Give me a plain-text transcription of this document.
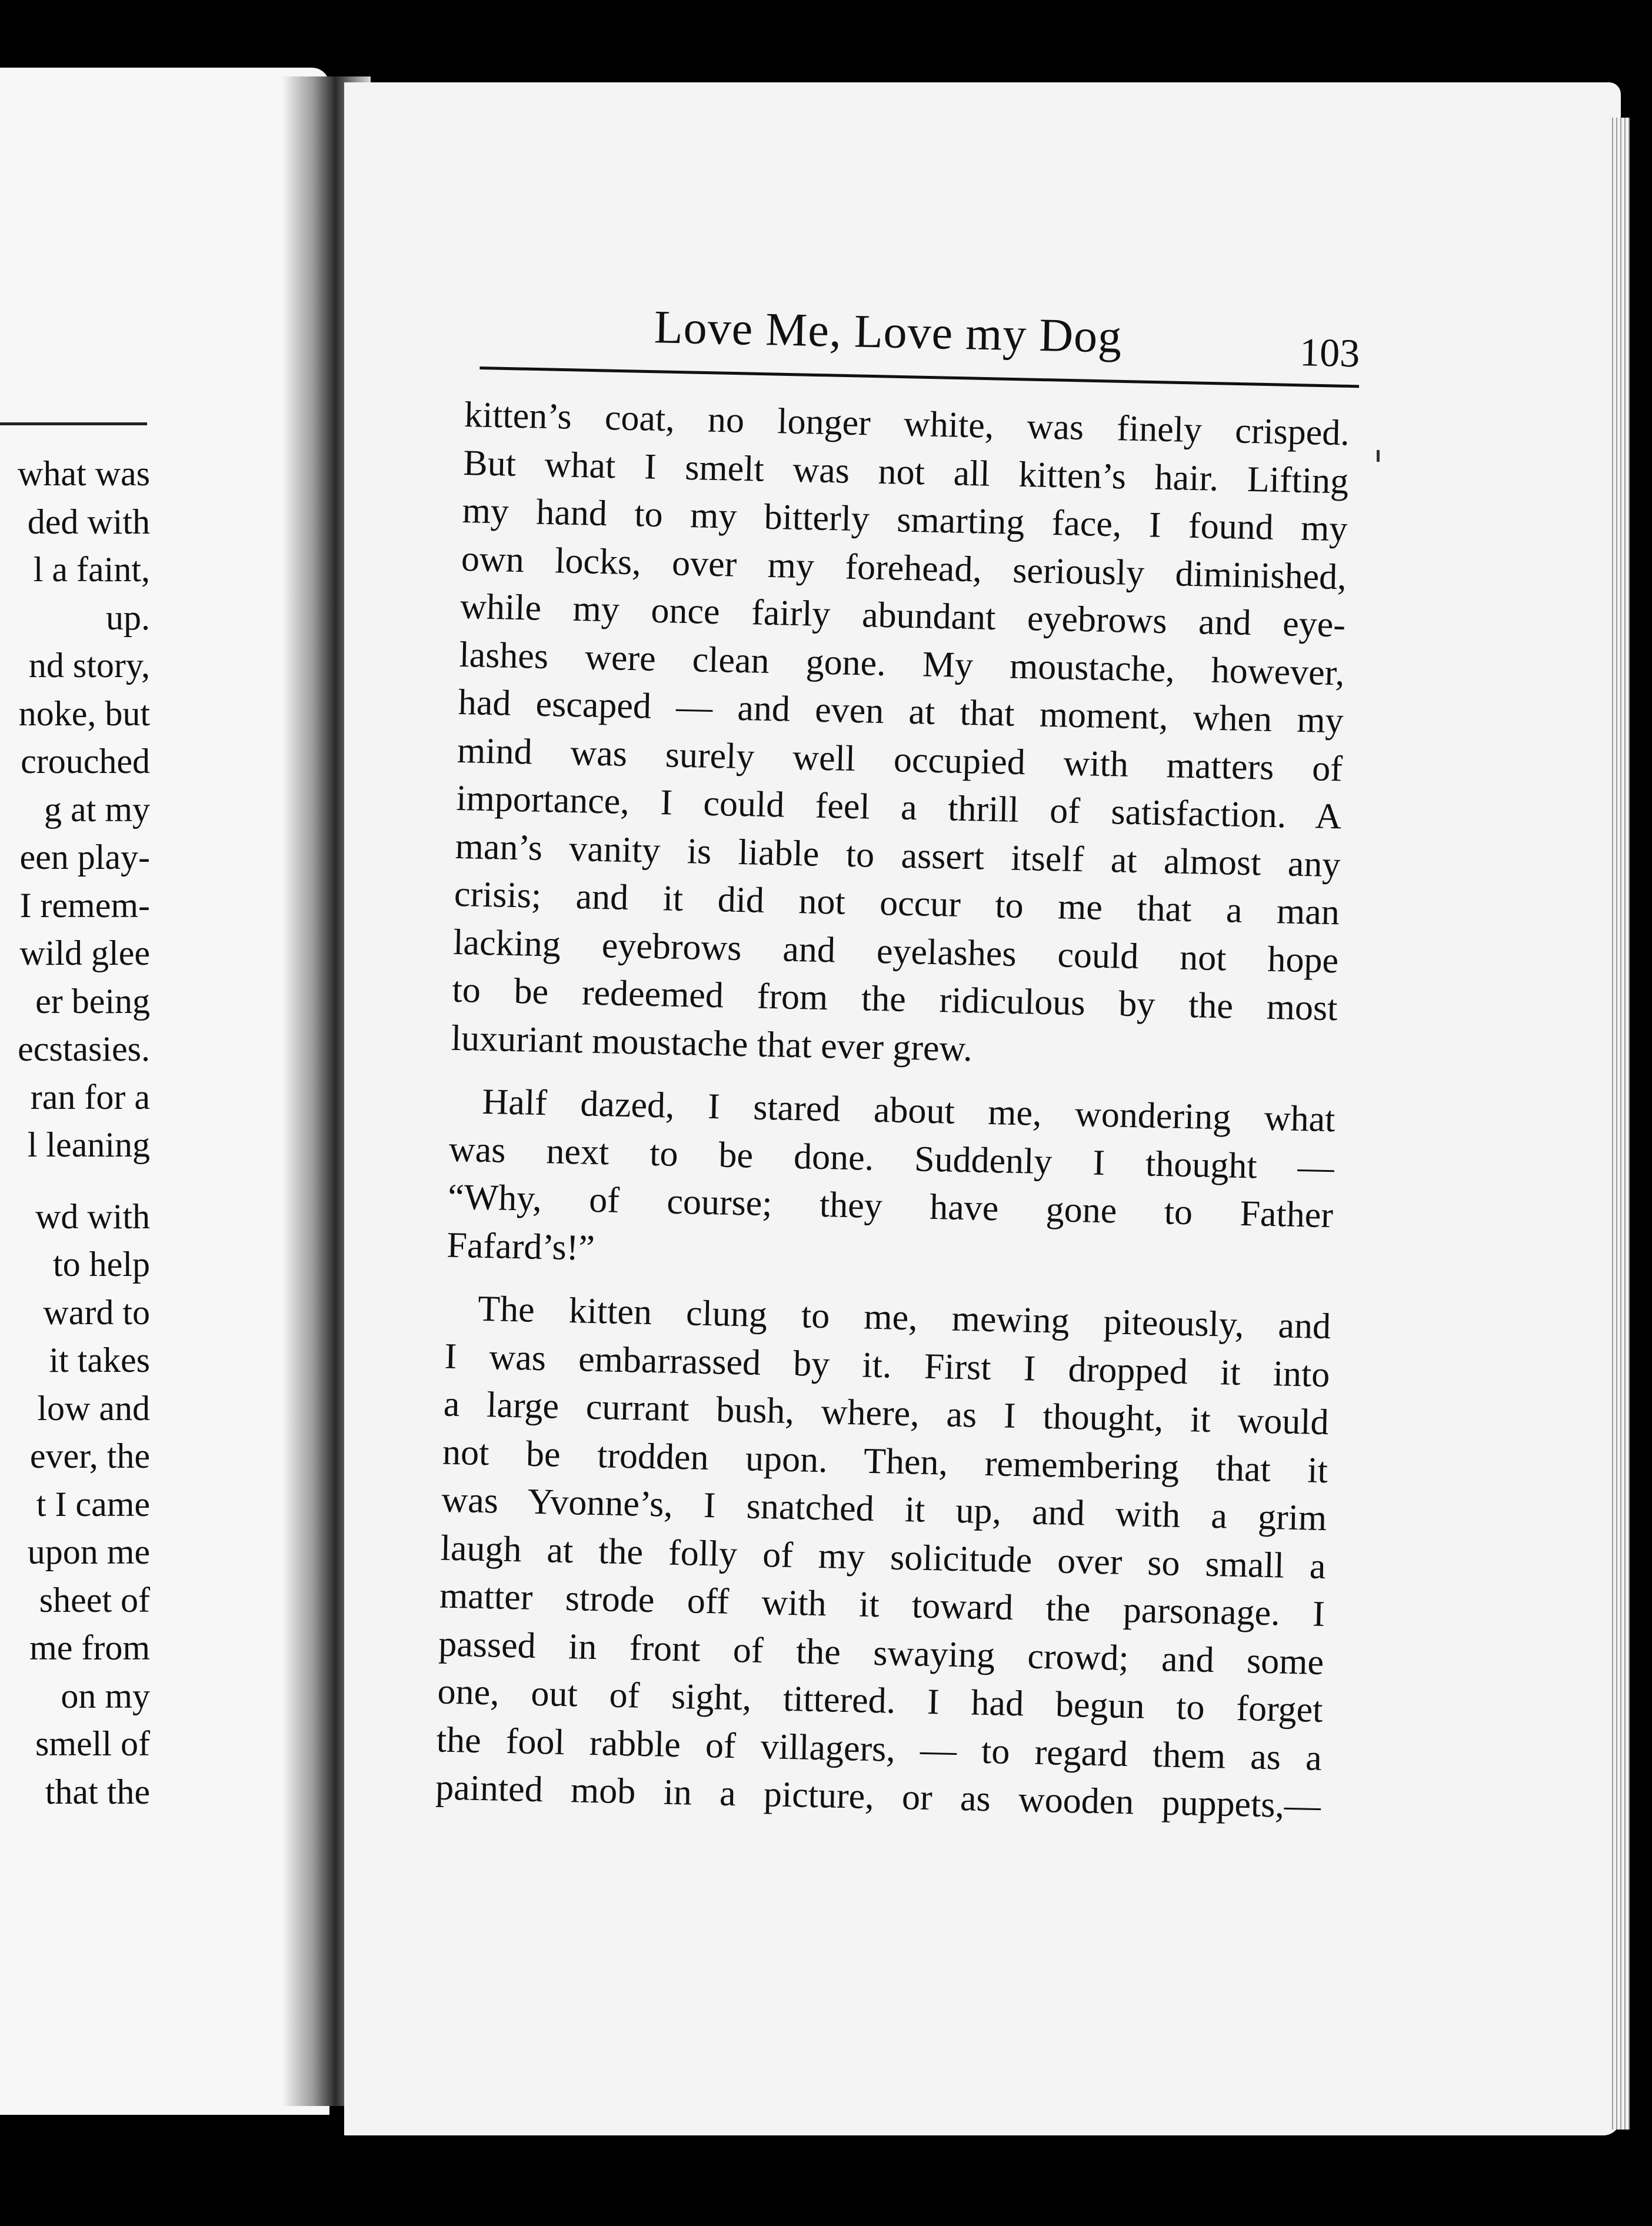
what was
ded with
l a faint,
up.
nd story,
noke, but
crouched
g at my
een play-
I remem-
wild glee
er being
ecstasies.
ran for a
l leaning
wd with
to help
ward to
it takes
low and
ever, the
t I came
upon me
sheet of
me from
on my
smell of
that the
Love Me, Love my Dog	103
kitten’s coat, no longer white, was finely crisped.
But what I smelt was not all kitten’s hair. Lifting
my hand to my bitterly smarting face, I found my
own locks, over my forehead, seriously diminished,
while my once fairly abundant eyebrows and eye-
lashes were clean gone. My moustache, however,
had escaped — and even at that moment, when my
mind was surely well occupied with matters of
importance, I could feel a thrill of satisfaction. A
man’s vanity is liable to assert itself at almost any
crisis; and it did not occur to me that a man
lacking eyebrows and eyelashes could not hope
to be redeemed from the ridiculous by the most
luxuriant moustache that ever grew.
Half dazed, I stared about me, wondering what
was next to be done. Suddenly I thought —
“Why, of course; they have gone to Father
Fafard’s!”
The kitten clung to me, mewing piteously, and
I was embarrassed by it. First I dropped it into
a large currant bush, where, as I thought, it would
not be trodden upon. Then, remembering that it
was Yvonne’s, I snatched it up, and with a grim
laugh at the folly of my solicitude over so small a
matter strode off with it toward the parsonage. I
passed in front of the swaying crowd; and some
one, out of sight, tittered. I had begun to forget
the fool rabble of villagers, — to regard them as a
painted mob in a picture, or as wooden puppets,—
